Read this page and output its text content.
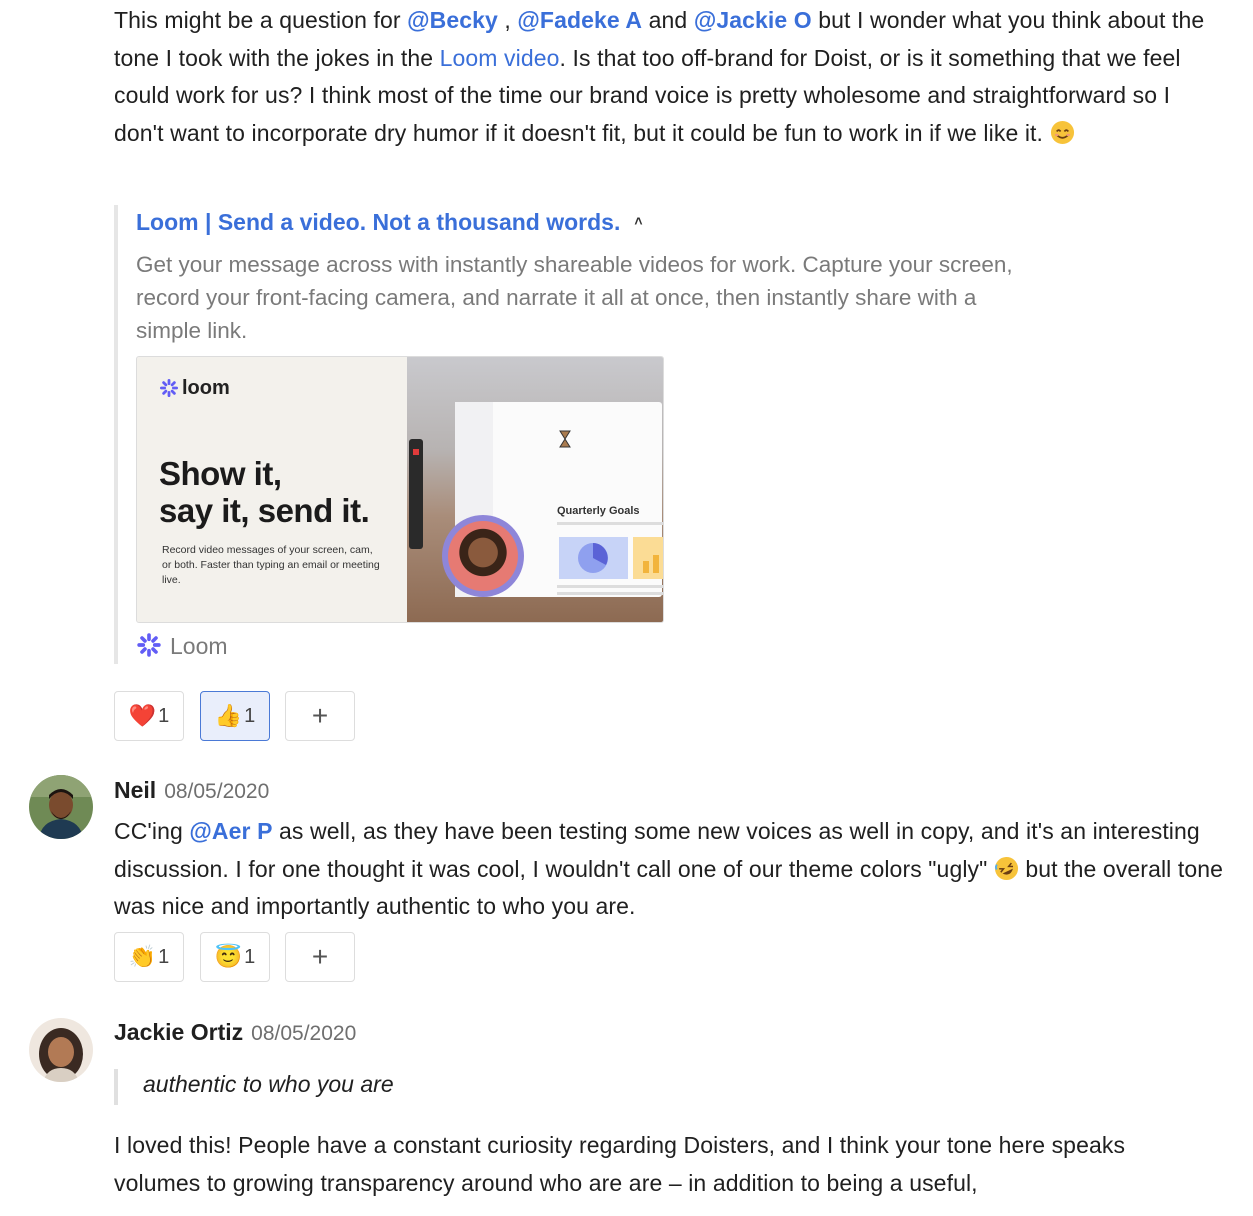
This might be a question for @Becky , @Fadeke A and @Jackie O but I wonder what you think about the tone I took with the jokes in the Loom video. Is that too off-brand for Doist, or is it something that we feel could work for us? I think most of the time our brand voice is pretty wholesome and straightforward so I don't want to incorporate dry humor if it doesn't fit, but it could be fun to work in if we like it.
Loom | Send a video. Not a thousand words. ˄
Get your message across with instantly shareable videos for work. Capture your screen, record your front-facing camera, and narrate it all at once, then instantly share with a simple link.
loom
Show it,
say it, send it.
Record video messages of your screen, cam, or both. Faster than typing an email or meeting live.
Quarterly Goals
Loom
❤️ 1 👍 1	+
Neil 08/05/2020
CC'ing @Aer P as well, as they have been testing some new voices as well in copy, and it's an interesting discussion. I for one thought it was cool, I wouldn't call one of our theme colors "ugly"  but the overall tone was nice and importantly authentic to who you are.
👏 1 😇 1	+
Jackie Ortiz 08/05/2020
authentic to who you are
I loved this! People have a constant curiosity regarding Doisters, and I think your tone here speaks volumes to growing transparency around who are are – in addition to being a useful,
